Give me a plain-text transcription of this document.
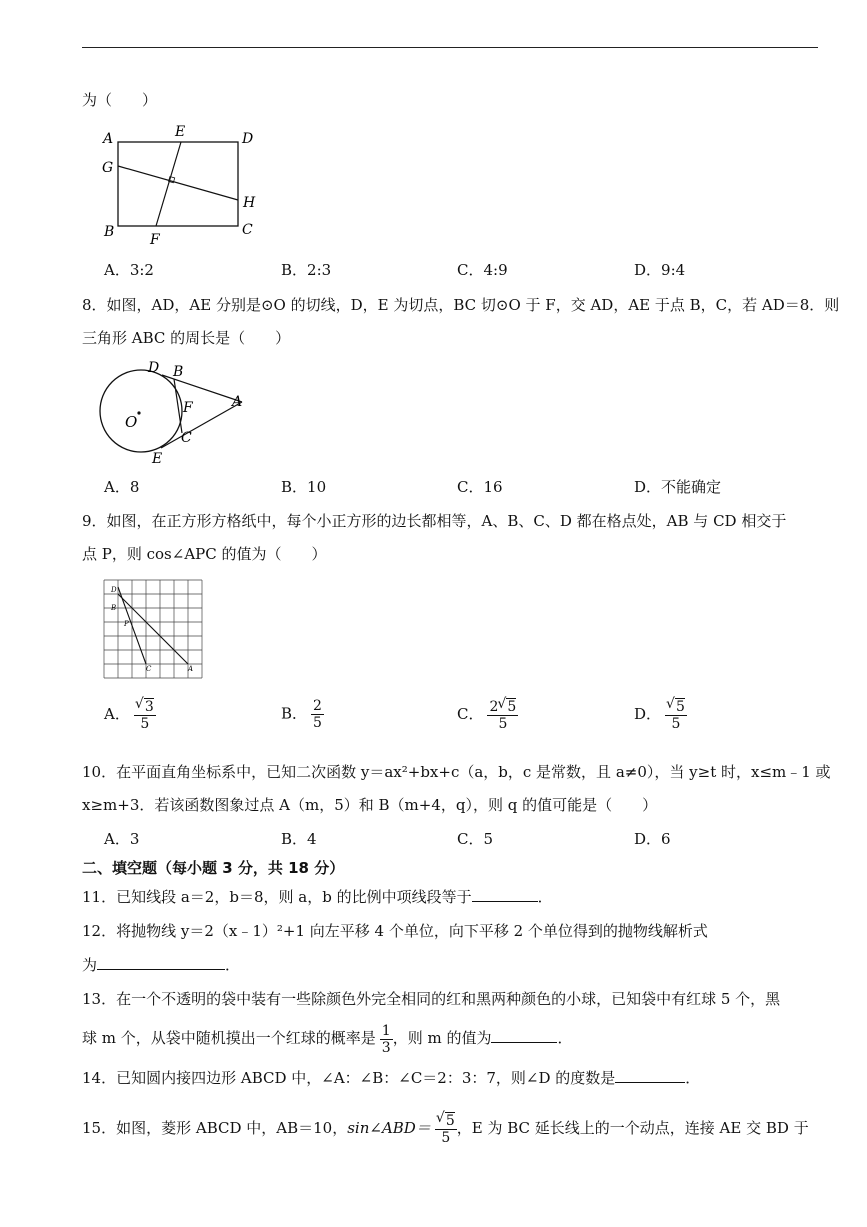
为（　　）
A	E	D
G
H
B	F
C
A．3:2	B．2:3	C．4:9	D．9:4
8．如图，AD，AE 分别是⊙O 的切线，D，E 为切点，BC 切⊙O 于 F，交 AD，AE 于点 B，C，若 AD＝8．则
三角形 ABC 的周长是（　　）
D B
O
F	A
C
E
A．8	B．10	C．16	D．不能确定
9．如图，在正方形方格纸中，每个小正方形的边长都相等，A、B、C、D 都在格点处，AB 与 CD 相交于
点 P，则 cos∠APC 的值为（　　）
D
B
P
C	A
A． √ $\frac{3}{5}$	B． $\frac{2}{5}$	C． $\frac{2 √ 5}{5}$	D． √ $\frac{5}{5}$
10．在平面直角坐标系中，已知二次函数 y＝ax²+bx+c（a，b，c 是常数，且 a≠0），当 y≥t 时，x≤m﹣1 或
x≥m+3．若该函数图象过点 A（m，5）和 B（m+4，q），则 q 的值可能是（　　）
A．3	B．4	C．5	D．6
二、填空题（每小题 3 分，共 18 分）
11．已知线段 a＝2，b＝8，则 a，b 的比例中项线段等于	．
12．将抛物线 y＝2（x﹣1）²+1 向左平移 4 个单位，向下平移 2 个单位得到的抛物线解析式
为	．
13．在一个不透明的袋中装有一些除颜色外完全相同的红和黑两种颜色的小球，已知袋中有红球 5 个，黑
球 m 个，从袋中随机摸出一个红球的概率是 $\frac{1}{3}$ ，则 m 的值为	．
14．已知圆内接四边形 ABCD 中，∠A：∠B：∠C＝2：3：7，则∠D 的度数是	．
15．如图，菱形 ABCD 中，AB＝10，sin∠ABD＝ √ $\frac{5}{5}$ ，E 为 BC 延长线上的一个动点，连接 AE 交 BD 于
